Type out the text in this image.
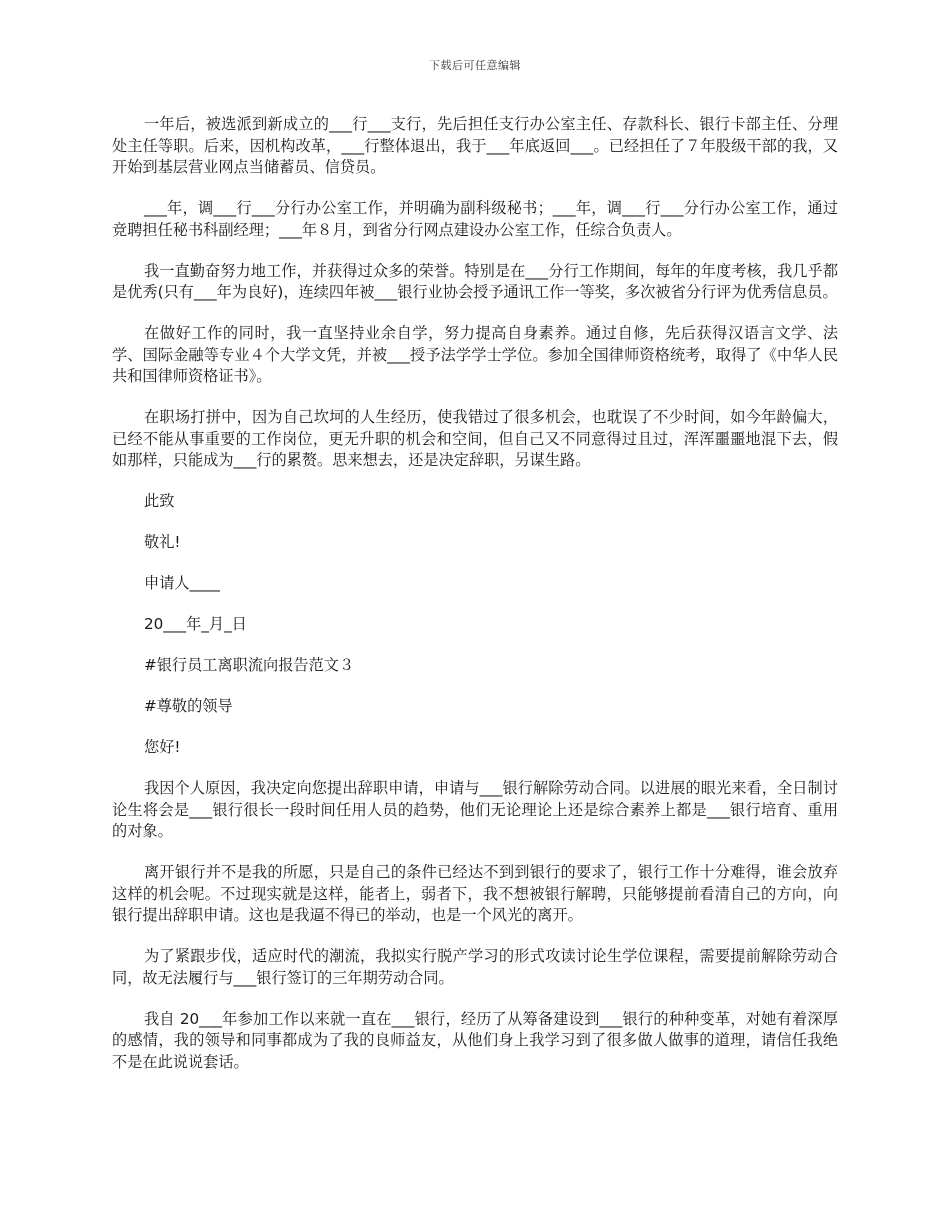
下载后可任意编辑

一年后，被选派到新成立的___行___支行，先后担任支行办公室主任、存款科长、银行卡部主任、分理处主任等职。后来，因机构改革，___行整体退出，我于___年底返回___。已经担任了７年股级干部的我，又开始到基层营业网点当储蓄员、信贷员。

___年，调___行___分行办公室工作，并明确为副科级秘书；___年，调___行___分行办公室工作，通过竞聘担任秘书科副经理；___年８月，到省分行网点建设办公室工作，任综合负责人。

我一直勤奋努力地工作，并获得过众多的荣誉。特别是在___分行工作期间，每年的年度考核，我几乎都是优秀(只有___年为良好)，连续四年被___银行业协会授予通讯工作一等奖，多次被省分行评为优秀信息员。

在做好工作的同时，我一直坚持业余自学，努力提高自身素养。通过自修，先后获得汉语言文学、法学、国际金融等专业４个大学文凭，并被___授予法学学士学位。参加全国律师资格统考，取得了《中华人民共和国律师资格证书》。

在职场打拼中，因为自己坎坷的人生经历，使我错过了很多机会，也耽误了不少时间，如今年龄偏大，已经不能从事重要的工作岗位，更无升职的机会和空间，但自己又不同意得过且过，浑浑噩噩地混下去，假如那样，只能成为___行的累赘。思来想去，还是决定辞职，另谋生路。

此致

敬礼!

申请人____

20___年_月_日

#银行员工离职流向报告范文３

#尊敬的领导

您好!

我因个人原因，我决定向您提出辞职申请，申请与___银行解除劳动合同。以进展的眼光来看，全日制讨论生将会是___银行很长一段时间任用人员的趋势，他们无论理论上还是综合素养上都是___银行培育、重用的对象。

离开银行并不是我的所愿，只是自己的条件已经达不到到银行的要求了，银行工作十分难得，谁会放弃这样的机会呢。不过现实就是这样，能者上，弱者下，我不想被银行解聘，只能够提前看清自己的方向，向银行提出辞职申请。这也是我逼不得已的举动，也是一个风光的离开。

为了紧跟步伐，适应时代的潮流，我拟实行脱产学习的形式攻读讨论生学位课程，需要提前解除劳动合同，故无法履行与___银行签订的三年期劳动合同。

我自 20___年参加工作以来就一直在___银行，经历了从筹备建设到___银行的种种变革，对她有着深厚的感情，我的领导和同事都成为了我的良师益友，从他们身上我学习到了很多做人做事的道理，请信任我绝不是在此说说套话。
